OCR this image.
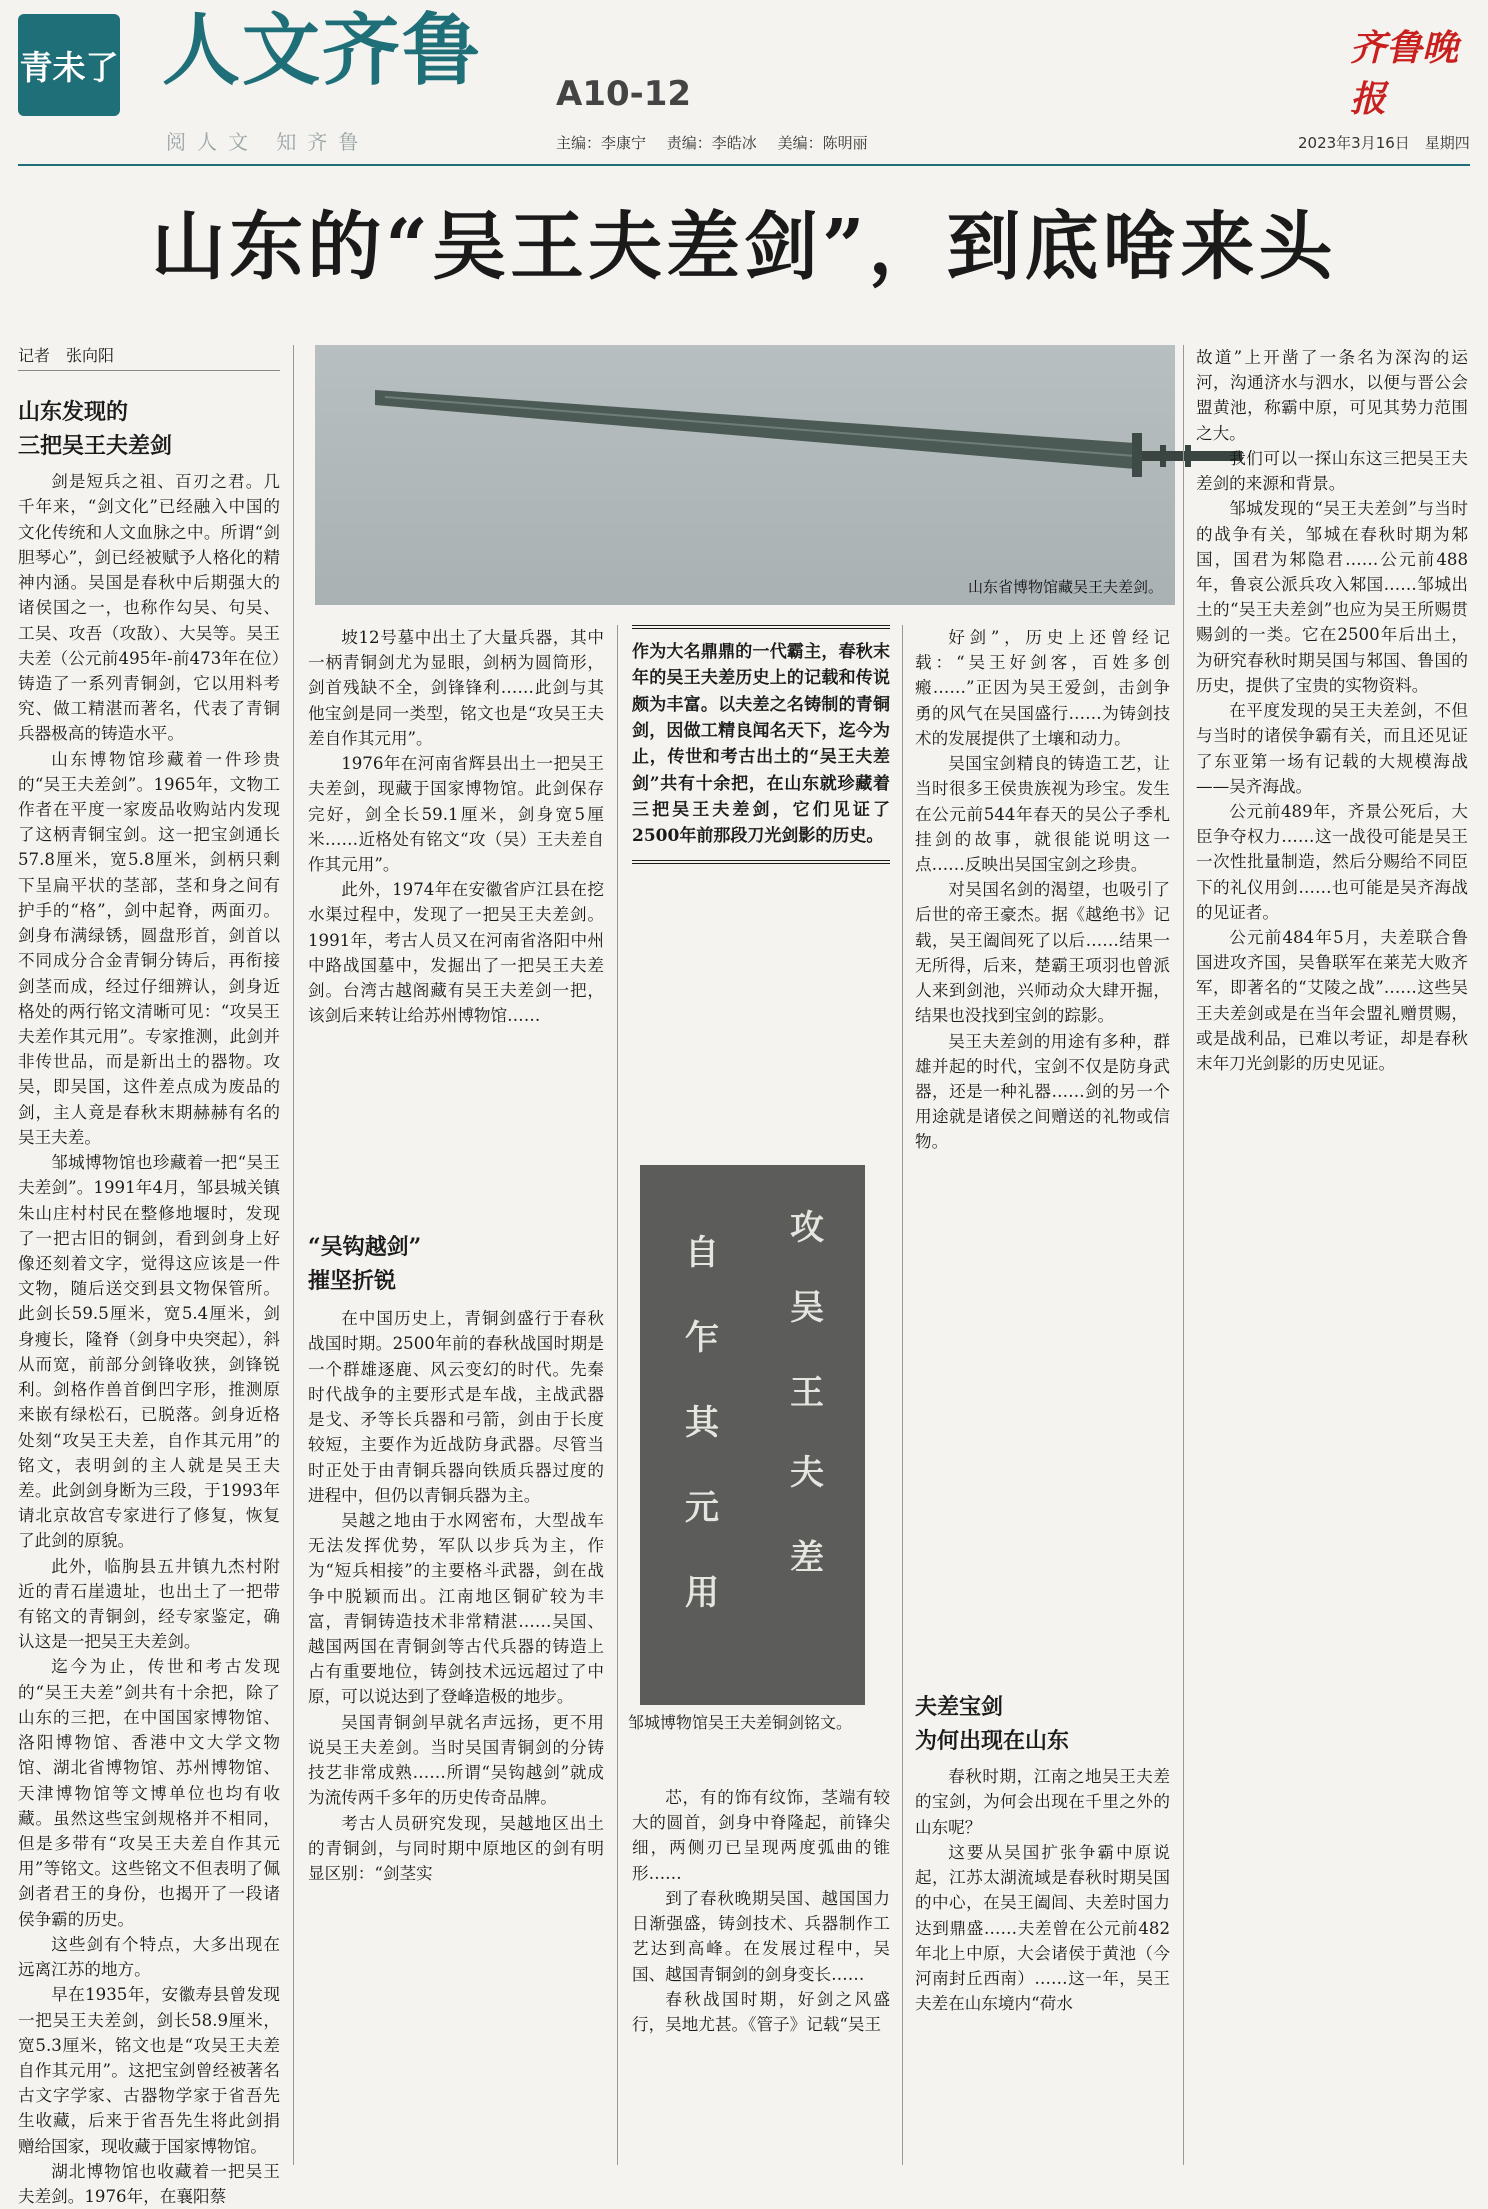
青未了 人文齐鲁 A10-12
阅人文 知齐鲁
齐鲁晚报
主编：李康宁 责编：李皓冰 美编：陈明丽	2023年3月16日　星期四
山东的“吴王夫差剑”，到底啥来头
记者　张向阳
山东省博物馆藏吴王夫差剑。
山东发现的
三把吴王夫差剑

剑是短兵之祖、百刃之君。几千年来，“剑文化”已经融入中国的文化传统和人文血脉之中。所谓“剑胆琴心”，剑已经被赋予人格化的精神内涵。吴国是春秋中后期强大的诸侯国之一，也称作勾吴、句吴、工吴、攻吾（攻敔）、大吴等。吴王夫差（公元前495年-前473年在位）铸造了一系列青铜剑，它以用料考究、做工精湛而著名，代表了青铜兵器极高的铸造水平。

山东博物馆珍藏着一件珍贵的“吴王夫差剑”。1965年，文物工作者在平度一家废品收购站内发现了这柄青铜宝剑。这一把宝剑通长57.8厘米，宽5.8厘米，剑柄只剩下呈扁平状的茎部，茎和身之间有护手的“格”，剑中起脊，两面刃。剑身布满绿锈，圆盘形首，剑首以不同成分合金青铜分铸后，再衔接剑茎而成，经过仔细辨认，剑身近格处的两行铭文清晰可见：“攻吴王夫差作其元用”。专家推测，此剑并非传世品，而是新出土的器物。攻吴，即吴国，这件差点成为废品的剑，主人竟是春秋末期赫赫有名的吴王夫差。

邹城博物馆也珍藏着一把“吴王夫差剑”。1991年4月，邹县城关镇朱山庄村村民在整修地堰时，发现了一把古旧的铜剑，看到剑身上好像还刻着文字，觉得这应该是一件文物，随后送交到县文物保管所。此剑长59.5厘米，宽5.4厘米，剑身瘦长，隆脊（剑身中央突起），斜从而宽，前部分剑锋收狭，剑锋锐利。剑格作兽首倒凹字形，推测原来嵌有绿松石，已脱落。剑身近格处刻“攻吴王夫差，自作其元用”的铭文，表明剑的主人就是吴王夫差。此剑剑身断为三段，于1993年请北京故宫专家进行了修复，恢复了此剑的原貌。

此外，临朐县五井镇九杰村附近的青石崖遗址，也出土了一把带有铭文的青铜剑，经专家鉴定，确认这是一把吴王夫差剑。

迄今为止，传世和考古发现的“吴王夫差”剑共有十余把，除了山东的三把，在中国国家博物馆、洛阳博物馆、香港中文大学文物馆、湖北省博物馆、苏州博物馆、天津博物馆等文博单位也均有收藏。虽然这些宝剑规格并不相同，但是多带有“攻吴王夫差自作其元用”等铭文。这些铭文不但表明了佩剑者君王的身份，也揭开了一段诸侯争霸的历史。

这些剑有个特点，大多出现在远离江苏的地方。

早在1935年，安徽寿县曾发现一把吴王夫差剑，剑长58.9厘米，宽5.3厘米，铭文也是“攻吴王夫差自作其元用”。这把宝剑曾经被著名古文字学家、古器物学家于省吾先生收藏，后来于省吾先生将此剑捐赠给国家，现收藏于国家博物馆。

湖北博物馆也收藏着一把吴王夫差剑。1976年，在襄阳蔡

坡12号墓中出土了大量兵器，其中一柄青铜剑尤为显眼，剑柄为圆筒形，剑首残缺不全，剑锋锋利……此剑与其他宝剑是同一类型，铭文也是“攻吴王夫差自作其元用”。

1976年在河南省辉县出土一把吴王夫差剑，现藏于国家博物馆。此剑保存完好，剑全长59.1厘米，剑身宽5厘米……近格处有铭文“攻（吴）王夫差自作其元用”。

此外，1974年在安徽省庐江县在挖水渠过程中，发现了一把吴王夫差剑。1991年，考古人员又在河南省洛阳中州中路战国墓中，发掘出了一把吴王夫差剑。台湾古越阁藏有吴王夫差剑一把，该剑后来转让给苏州博物馆……

“吴钩越剑”
摧坚折锐

在中国历史上，青铜剑盛行于春秋战国时期。2500年前的春秋战国时期是一个群雄逐鹿、风云变幻的时代。先秦时代战争的主要形式是车战，主战武器是戈、矛等长兵器和弓箭，剑由于长度较短，主要作为近战防身武器。尽管当时正处于由青铜兵器向铁质兵器过度的进程中，但仍以青铜兵器为主。

吴越之地由于水网密布，大型战车无法发挥优势，军队以步兵为主，作为“短兵相接”的主要格斗武器，剑在战争中脱颖而出。江南地区铜矿较为丰富，青铜铸造技术非常精湛……吴国、越国两国在青铜剑等古代兵器的铸造上占有重要地位，铸剑技术远远超过了中原，可以说达到了登峰造极的地步。

吴国青铜剑早就名声远扬，更不用说吴王夫差剑。当时吴国青铜剑的分铸技艺非常成熟……所谓“吴钩越剑”就成为流传两千多年的历史传奇品牌。

考古人员研究发现，吴越地区出土的青铜剑，与同时期中原地区的剑有明显区别：“剑茎实

作为大名鼎鼎的一代霸主，春秋末年的吴王夫差历史上的记载和传说颇为丰富。以夫差之名铸制的青铜剑，因做工精良闻名天下，迄今为止，传世和考古出土的“吴王夫差剑”共有十余把，在山东就珍藏着三把吴王夫差剑，它们见证了2500年前那段刀光剑影的历史。
攻
吴
王
夫
差
自
乍
其
元
用
邹城博物馆吴王夫差铜剑铭文。

芯，有的饰有纹饰，茎端有较大的圆首，剑身中脊隆起，前锋尖细，两侧刃已呈现两度弧曲的锥形……

到了春秋晚期吴国、越国国力日渐强盛，铸剑技术、兵器制作工艺达到高峰。在发展过程中，吴国、越国青铜剑的剑身变长……

春秋战国时期，好剑之风盛行，吴地尤甚。《管子》记载“吴王

好剑”，历史上还曾经记载：“吴王好剑客，百姓多创瘢……”正因为吴王爱剑，击剑争勇的风气在吴国盛行……为铸剑技术的发展提供了土壤和动力。

吴国宝剑精良的铸造工艺，让当时很多王侯贵族视为珍宝。发生在公元前544年春天的吴公子季札挂剑的故事，就很能说明这一点……反映出吴国宝剑之珍贵。

对吴国名剑的渴望，也吸引了后世的帝王豪杰。据《越绝书》记载，吴王阖闾死了以后……结果一无所得，后来，楚霸王项羽也曾派人来到剑池，兴师动众大肆开掘，结果也没找到宝剑的踪影。

吴王夫差剑的用途有多种，群雄并起的时代，宝剑不仅是防身武器，还是一种礼器……剑的另一个用途就是诸侯之间赠送的礼物或信物。

夫差宝剑
为何出现在山东

春秋时期，江南之地吴王夫差的宝剑，为何会出现在千里之外的山东呢？

这要从吴国扩张争霸中原说起，江苏太湖流域是春秋时期吴国的中心，在吴王阖闾、夫差时国力达到鼎盛……夫差曾在公元前482年北上中原，大会诸侯于黄池（今河南封丘西南）……这一年，吴王夫差在山东境内“荷水

故道”上开凿了一条名为深沟的运河，沟通济水与泗水，以便与晋公会盟黄池，称霸中原，可见其势力范围之大。

我们可以一探山东这三把吴王夫差剑的来源和背景。

邹城发现的“吴王夫差剑”与当时的战争有关，邹城在春秋时期为邾国，国君为邾隐君……公元前488年，鲁哀公派兵攻入邾国……邹城出土的“吴王夫差剑”也应为吴王所赐贯赐剑的一类。它在2500年后出土，为研究春秋时期吴国与邾国、鲁国的历史，提供了宝贵的实物资料。

在平度发现的吴王夫差剑，不但与当时的诸侯争霸有关，而且还见证了东亚第一场有记载的大规模海战——吴齐海战。

公元前489年，齐景公死后，大臣争夺权力……这一战役可能是吴王一次性批量制造，然后分赐给不同臣下的礼仪用剑……也可能是吴齐海战的见证者。

公元前484年5月，夫差联合鲁国进攻齐国，吴鲁联军在莱芜大败齐军，即著名的“艾陵之战”……这些吴王夫差剑或是在当年会盟礼赠贯赐，或是战利品，已难以考证，却是春秋末年刀光剑影的历史见证。
